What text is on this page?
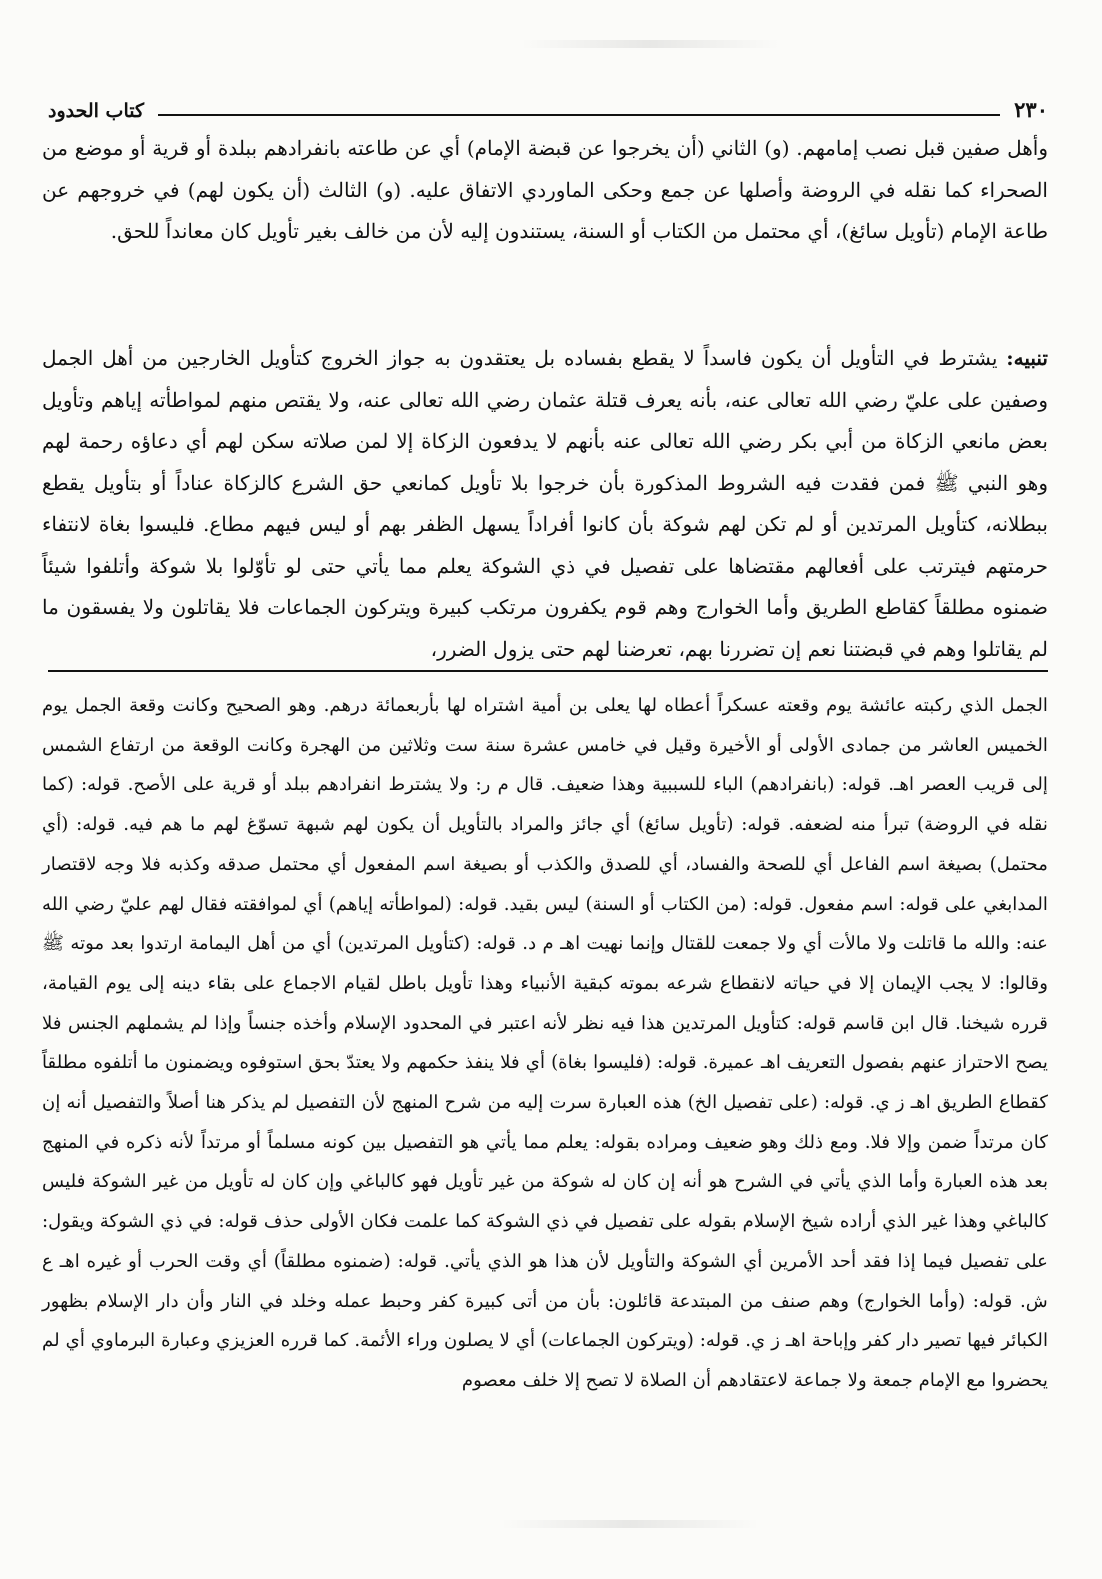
٢٣٠
كتاب الحدود
وأهل صفين قبل نصب إمامهم. (و) الثاني (أن يخرجوا عن قبضة الإمام) أي عن طاعته بانفرادهم ببلدة أو قرية أو موضع من الصحراء كما نقله في الروضة وأصلها عن جمع وحكى الماوردي الاتفاق عليه. (و) الثالث (أن يكون لهم) في خروجهم عن طاعة الإمام (تأويل سائغ)، أي محتمل من الكتاب أو السنة، يستندون إليه لأن من خالف بغير تأويل كان معانداً للحق.
تنبيه: يشترط في التأويل أن يكون فاسداً لا يقطع بفساده بل يعتقدون به جواز الخروج كتأويل الخارجين من أهل الجمل وصفين على عليّ رضي الله تعالى عنه، بأنه يعرف قتلة عثمان رضي الله تعالى عنه، ولا يقتص منهم لمواطأته إياهم وتأويل بعض مانعي الزكاة من أبي بكر رضي الله تعالى عنه بأنهم لا يدفعون الزكاة إلا لمن صلاته سكن لهم أي دعاؤه رحمة لهم وهو النبي ﷺ فمن فقدت فيه الشروط المذكورة بأن خرجوا بلا تأويل كمانعي حق الشرع كالزكاة عناداً أو بتأويل يقطع ببطلانه، كتأويل المرتدين أو لم تكن لهم شوكة بأن كانوا أفراداً يسهل الظفر بهم أو ليس فيهم مطاع. فليسوا بغاة لانتفاء حرمتهم فيترتب على أفعالهم مقتضاها على تفصيل في ذي الشوكة يعلم مما يأتي حتى لو تأوّلوا بلا شوكة وأتلفوا شيئاً ضمنوه مطلقاً كقاطع الطريق وأما الخوارج وهم قوم يكفرون مرتكب كبيرة ويتركون الجماعات فلا يقاتلون ولا يفسقون ما لم يقاتلوا وهم في قبضتنا نعم إن تضررنا بهم، تعرضنا لهم حتى يزول الضرر،
الجمل الذي ركبته عائشة يوم وقعته عسكراً أعطاه لها يعلى بن أمية اشتراه لها بأربعمائة درهم. وهو الصحيح وكانت وقعة الجمل يوم الخميس العاشر من جمادى الأولى أو الأخيرة وقيل في خامس عشرة سنة ست وثلاثين من الهجرة وكانت الوقعة من ارتفاع الشمس إلى قريب العصر اهـ. قوله: (بانفرادهم) الباء للسببية وهذا ضعيف. قال م ر: ولا يشترط انفرادهم ببلد أو قرية على الأصح. قوله: (كما نقله في الروضة) تبرأ منه لضعفه. قوله: (تأويل سائغ) أي جائز والمراد بالتأويل أن يكون لهم شبهة تسوّغ لهم ما هم فيه. قوله: (أي محتمل) بصيغة اسم الفاعل أي للصحة والفساد، أي للصدق والكذب أو بصيغة اسم المفعول أي محتمل صدقه وكذبه فلا وجه لاقتصار المدابغي على قوله: اسم مفعول. قوله: (من الكتاب أو السنة) ليس بقيد. قوله: (لمواطأته إياهم) أي لموافقته فقال لهم عليّ رضي الله عنه: والله ما قاتلت ولا مالأت أي ولا جمعت للقتال وإنما نهيت اهـ م د. قوله: (كتأويل المرتدين) أي من أهل اليمامة ارتدوا بعد موته ﷺ وقالوا: لا يجب الإيمان إلا في حياته لانقطاع شرعه بموته كبقية الأنبياء وهذا تأويل باطل لقيام الاجماع على بقاء دينه إلى يوم القيامة، قرره شيخنا. قال ابن قاسم قوله: كتأويل المرتدين هذا فيه نظر لأنه اعتبر في المحدود الإسلام وأخذه جنساً وإذا لم يشملهم الجنس فلا يصح الاحتراز عنهم بفصول التعريف اهـ عميرة. قوله: (فليسوا بغاة) أي فلا ينفذ حكمهم ولا يعتدّ بحق استوفوه ويضمنون ما أتلفوه مطلقاً كقطاع الطريق اهـ ز ي. قوله: (على تفصيل الخ) هذه العبارة سرت إليه من شرح المنهج لأن التفصيل لم يذكر هنا أصلاً والتفصيل أنه إن كان مرتداً ضمن وإلا فلا. ومع ذلك وهو ضعيف ومراده بقوله: يعلم مما يأتي هو التفصيل بين كونه مسلماً أو مرتداً لأنه ذكره في المنهج بعد هذه العبارة وأما الذي يأتي في الشرح هو أنه إن كان له شوكة من غير تأويل فهو كالباغي وإن كان له تأويل من غير الشوكة فليس كالباغي وهذا غير الذي أراده شيخ الإسلام بقوله على تفصيل في ذي الشوكة كما علمت فكان الأولى حذف قوله: في ذي الشوكة ويقول: على تفصيل فيما إذا فقد أحد الأمرين أي الشوكة والتأويل لأن هذا هو الذي يأتي. قوله: (ضمنوه مطلقاً) أي وقت الحرب أو غيره اهـ ع ش. قوله: (وأما الخوارج) وهم صنف من المبتدعة قائلون: بأن من أتى كبيرة كفر وحبط عمله وخلد في النار وأن دار الإسلام بظهور الكبائر فيها تصير دار كفر وإباحة اهـ ز ي. قوله: (ويتركون الجماعات) أي لا يصلون وراء الأئمة. كما قرره العزيزي وعبارة البرماوي أي لم يحضروا مع الإمام جمعة ولا جماعة لاعتقادهم أن الصلاة لا تصح إلا خلف معصوم
